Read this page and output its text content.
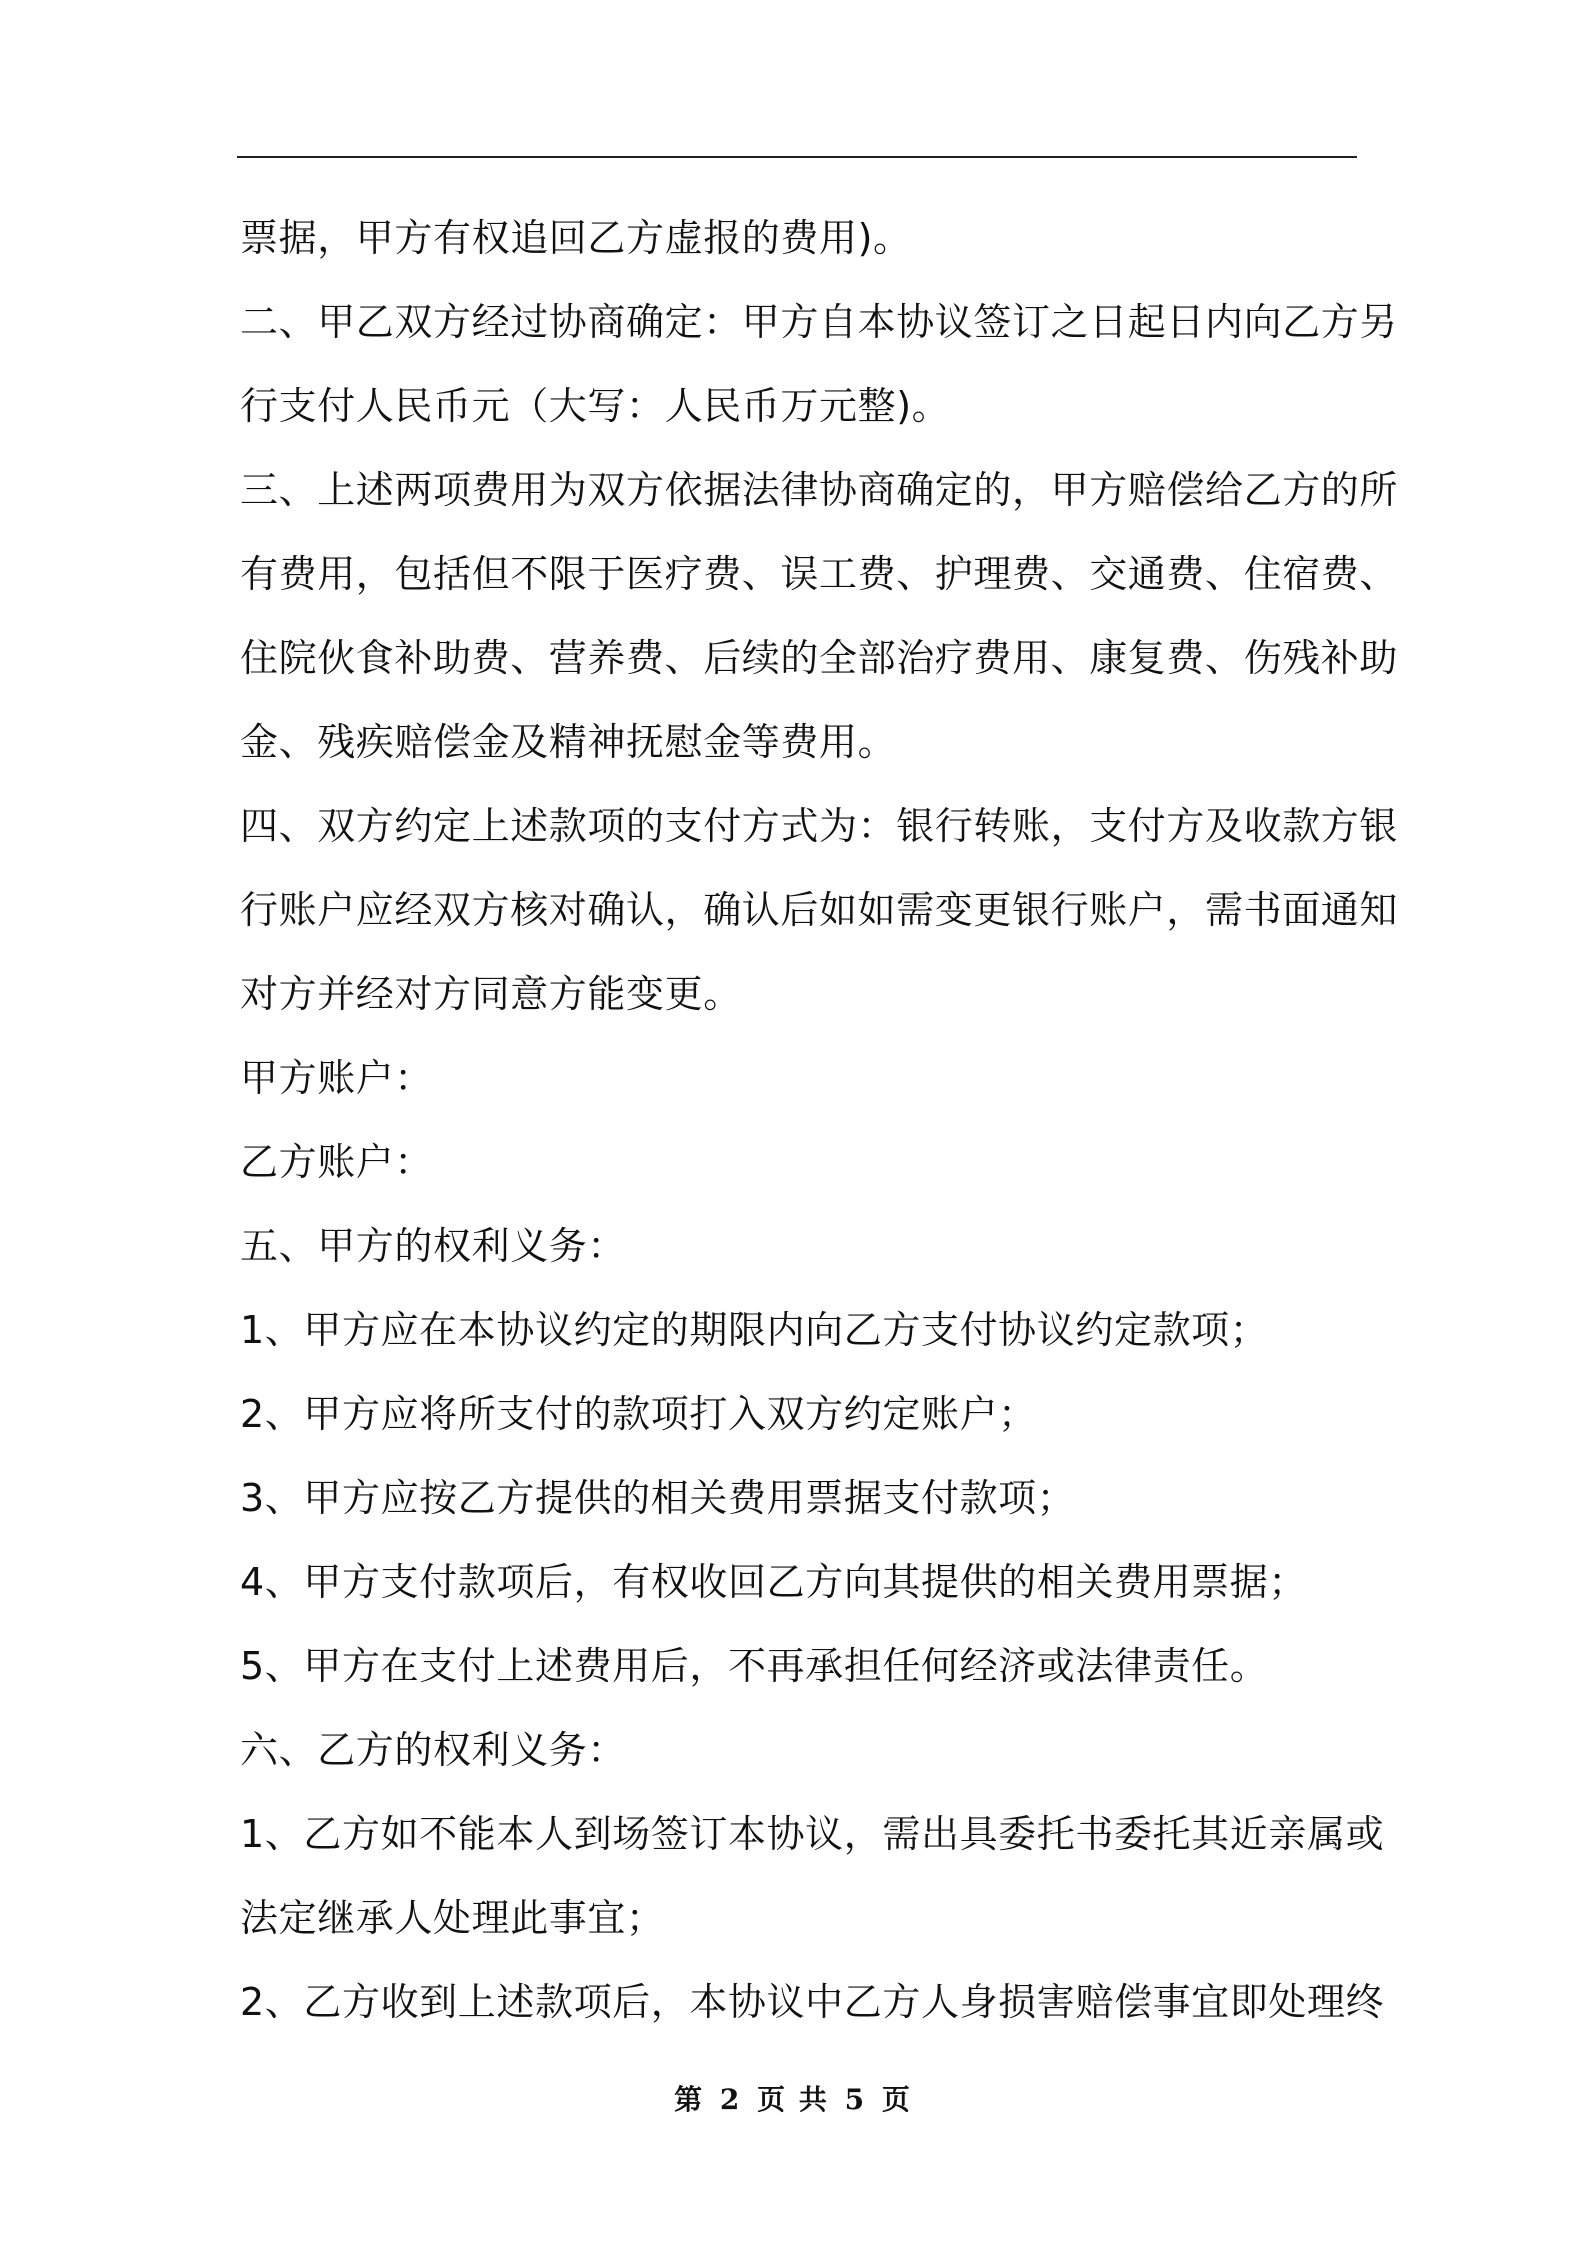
票据，甲方有权追回乙方虚报的费用)。
二、甲乙双方经过协商确定：甲方自本协议签订之日起日内向乙方另
行支付人民币元（大写：人民币万元整)。
三、上述两项费用为双方依据法律协商确定的，甲方赔偿给乙方的所
有费用，包括但不限于医疗费、误工费、护理费、交通费、住宿费、
住院伙食补助费、营养费、后续的全部治疗费用、康复费、伤残补助
金、残疾赔偿金及精神抚慰金等费用。
四、双方约定上述款项的支付方式为：银行转账，支付方及收款方银
行账户应经双方核对确认，确认后如如需变更银行账户，需书面通知
对方并经对方同意方能变更。
甲方账户：
乙方账户：
五、甲方的权利义务：
1、甲方应在本协议约定的期限内向乙方支付协议约定款项；
2、甲方应将所支付的款项打入双方约定账户；
3、甲方应按乙方提供的相关费用票据支付款项；
4、甲方支付款项后，有权收回乙方向其提供的相关费用票据；
5、甲方在支付上述费用后，不再承担任何经济或法律责任。
六、乙方的权利义务：
1、乙方如不能本人到场签订本协议，需出具委托书委托其近亲属或
法定继承人处理此事宜；
2、乙方收到上述款项后，本协议中乙方人身损害赔偿事宜即处理终
第 2 页 共 5 页
